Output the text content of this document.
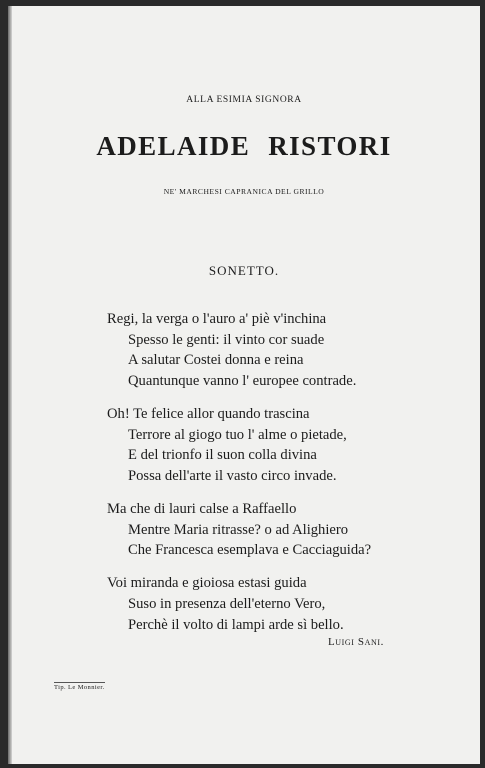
ALLA ESIMIA SIGNORA
ADELAIDE RISTORI
NE' MARCHESI CAPRANICA DEL GRILLO
SONETTO.
Regi, la verga o l'auro a' piè v'inchina
Spesso le genti: il vinto cor suade
A salutar Costei donna e reina
Quantunque vanno l' europee contrade.
Oh! Te felice allor quando trascina
Terrore al giogo tuo l' alme o pietade,
E del trionfo il suon colla divina
Possa dell'arte il vasto circo invade.
Ma che di lauri calse a Raffaello
Mentre Maria ritrasse? o ad Alighiero
Che Francesca esemplava e Cacciaguida?
Voi miranda e gioiosa estasi guida
Suso in presenza dell'eterno Vero,
Perchè il volto di lampi arde sì bello.
Luigi Sani.
Tip. Le Monnier.
